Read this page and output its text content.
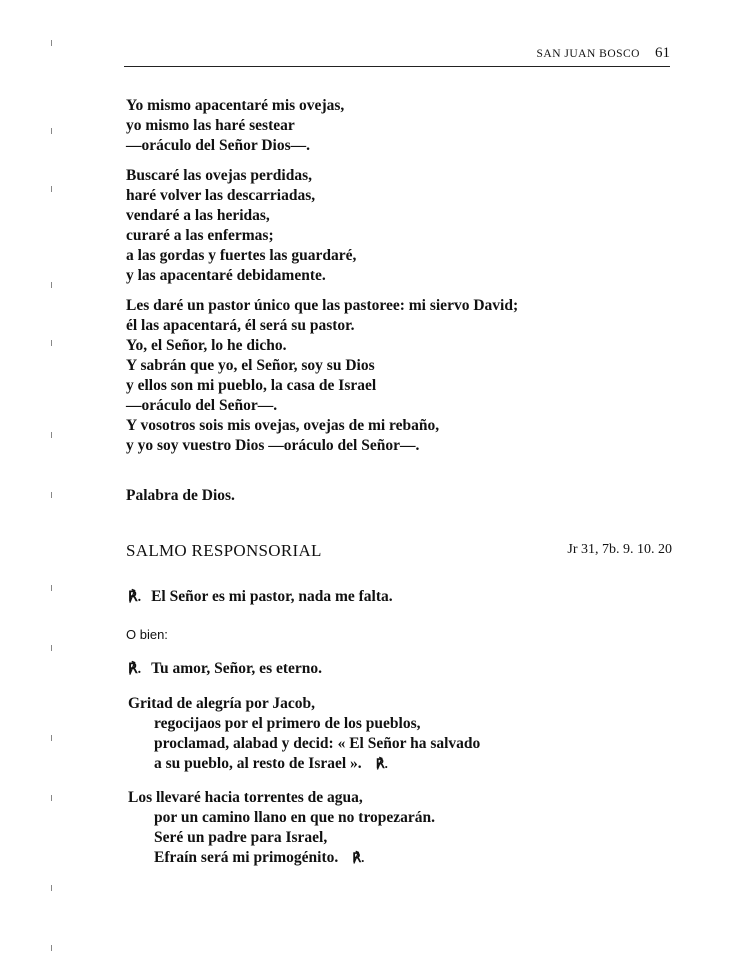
SAN JUAN BOSCO 61
Yo mismo apacentaré mis ovejas,
yo mismo las haré sestear
—oráculo del Señor Dios—.
Buscaré las ovejas perdidas,
haré volver las descarriadas,
vendaré a las heridas,
curaré a las enfermas;
a las gordas y fuertes las guardaré,
y las apacentaré debidamente.
Les daré un pastor único que las pastoree: mi siervo David;
él las apacentará, él será su pastor.
Yo, el Señor, lo he dicho.
Y sabrán que yo, el Señor, soy su Dios
y ellos son mi pueblo, la casa de Israel
—oráculo del Señor—.
Y vosotros sois mis ovejas, ovejas de mi rebaño,
y yo soy vuestro Dios —oráculo del Señor—.
Palabra de Dios.
SALMO RESPONSORIAL	Jr 31, 7b. 9. 10. 20
℟. El Señor es mi pastor, nada me falta.
O bien:
℟. Tu amor, Señor, es eterno.
Gritad de alegría por Jacob,
regocijaos por el primero de los pueblos,
proclamad, alabad y decid: « El Señor ha salvado
a su pueblo, al resto de Israel ». ℟.
Los llevaré hacia torrentes de agua,
por un camino llano en que no tropezarán.
Seré un padre para Israel,
Efraín será mi primogénito. ℟.
